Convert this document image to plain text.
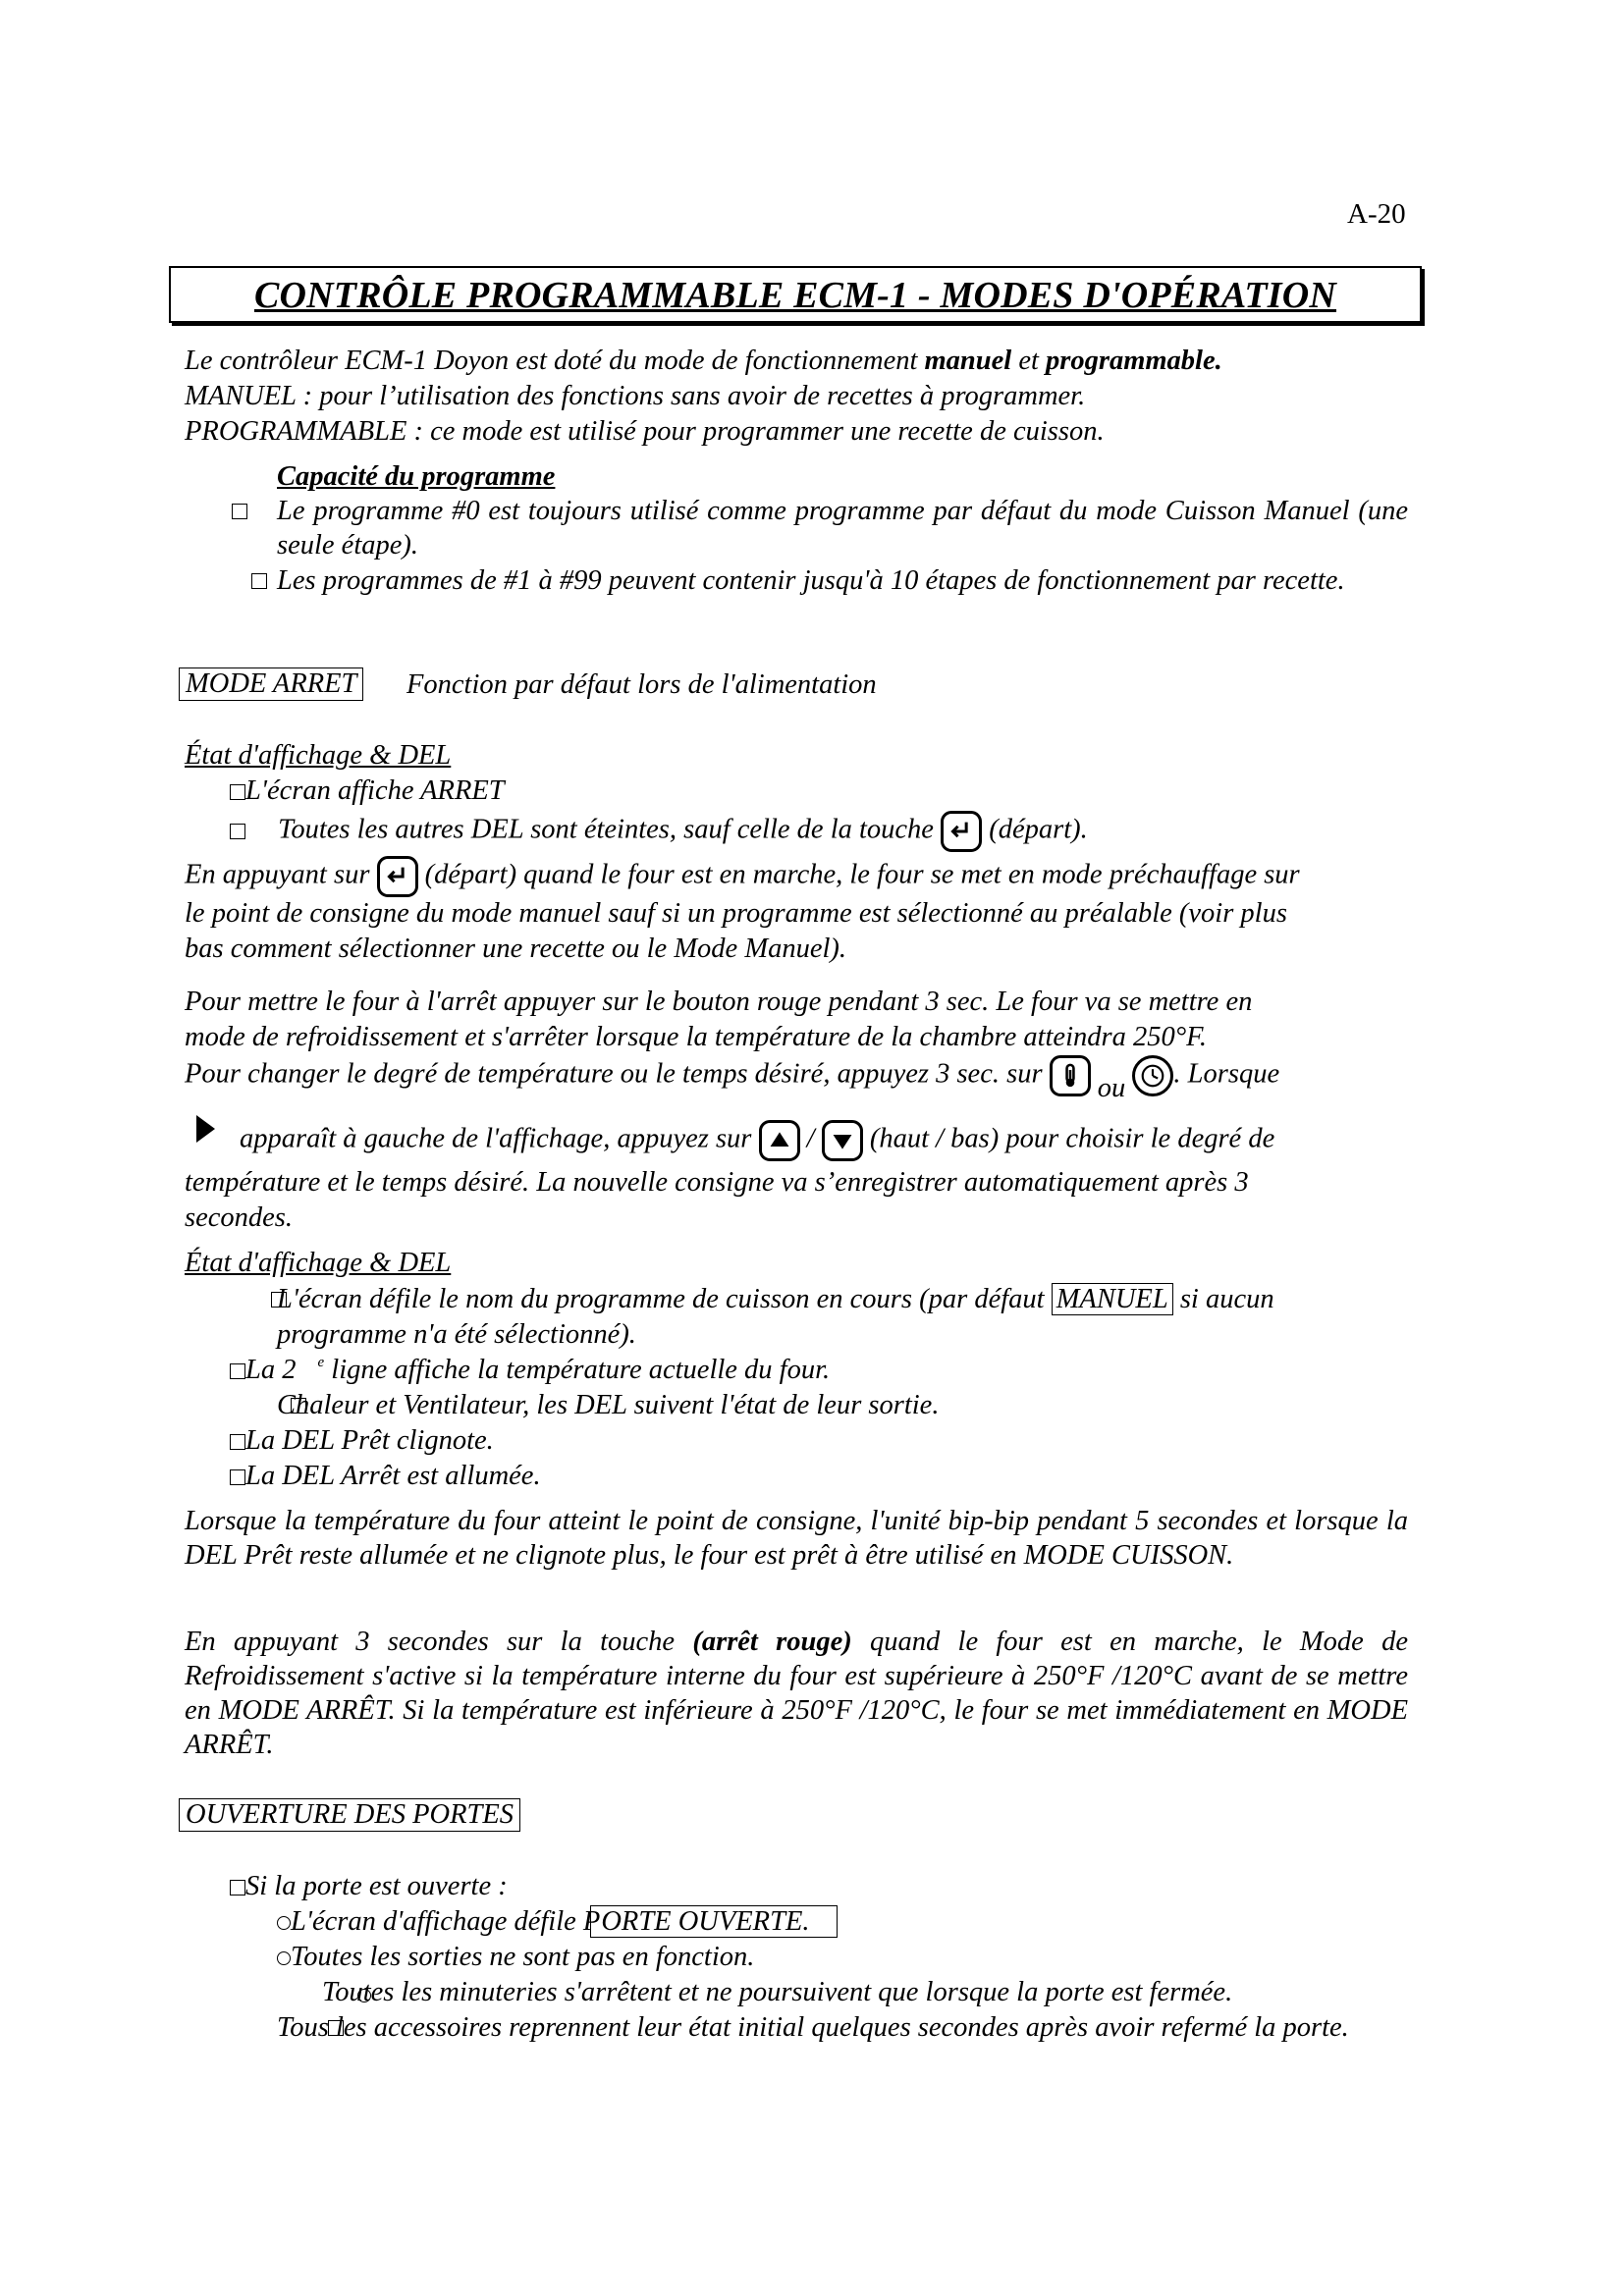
A-20
CONTRÔLE PROGRAMMABLE ECM-1 - MODES D'OPÉRATION
Le contrôleur ECM-1 Doyon est doté du mode de fonctionnement manuel et programmable.
MANUEL : pour l’utilisation des fonctions sans avoir de recettes à programmer.
PROGRAMMABLE : ce mode est utilisé pour programmer une recette de cuisson.
Capacité du programme

Le programme #0 est toujours utilisé comme programme par défaut du mode Cuisson Manuel (une seule étape).

Les programmes de #1 à #99 peuvent contenir jusqu'à 10 étapes de fonctionnement par recette.
MODE ARRET Fonction par défaut lors de l'alimentation
État d'affichage & DEL
L'écran affiche ARRET
Toutes les autres DEL sont éteintes, sauf celle de la touche
(départ).
En appuyant sur
(départ) quand le four est en marche, le four se met en mode préchauffage sur
le point de consigne du mode manuel sauf si un programme est sélectionné au préalable (voir plus
bas comment sélectionner une recette ou le Mode Manuel).
Pour mettre le four à l'arrêt appuyer sur le bouton rouge pendant 3 sec. Le four va se mettre en
mode de refroidissement et s'arrêter lorsque la température de la chambre atteindra 250°F.
Pour changer le degré de température ou le temps désiré, appuyez 3 sec. sur
ou . Lorsque
apparaît à gauche de l'affichage, appuyez sur
/
(haut / bas) pour choisir le degré de
température et le temps désiré. La nouvelle consigne va s’enregistrer automatiquement après 3
secondes.
État d'affichage & DEL

L'écran défile le nom du programme de cuisson en cours (par défaut MANUEL si aucun
programme n'a été sélectionné).
La 2 $^e$ ligne affiche la température actuelle du four.

Chaleur et Ventilateur, les DEL suivent l'état de leur sortie.
La DEL Prêt clignote.
La DEL Arrêt est allumée.
Lorsque la température du four atteint le point de consigne, l'unité bip-bip pendant 5 secondes et lorsque la DEL Prêt reste allumée et ne clignote plus, le four est prêt à être utilisé en MODE CUISSON.
En appuyant 3 secondes sur la touche (arrêt rouge) quand le four est en marche, le Mode de Refroidissement s'active si la température interne du four est supérieure à 250°F /120°C avant de se mettre en MODE ARRÊT. Si la température est inférieure à 250°F /120°C, le four se met immédiatement en MODE ARRÊT.
OUVERTURE DES PORTES
Si la porte est ouverte :
L'écran d'affichage défile PORTE OUVERTE.
Toutes les sorties ne sont pas en fonction.

Toutes les minuteries s'arrêtent et ne poursuivent que lorsque la porte est fermée.
Tous les accessoires reprennent leur état initial quelques secondes après avoir refermé la porte.
